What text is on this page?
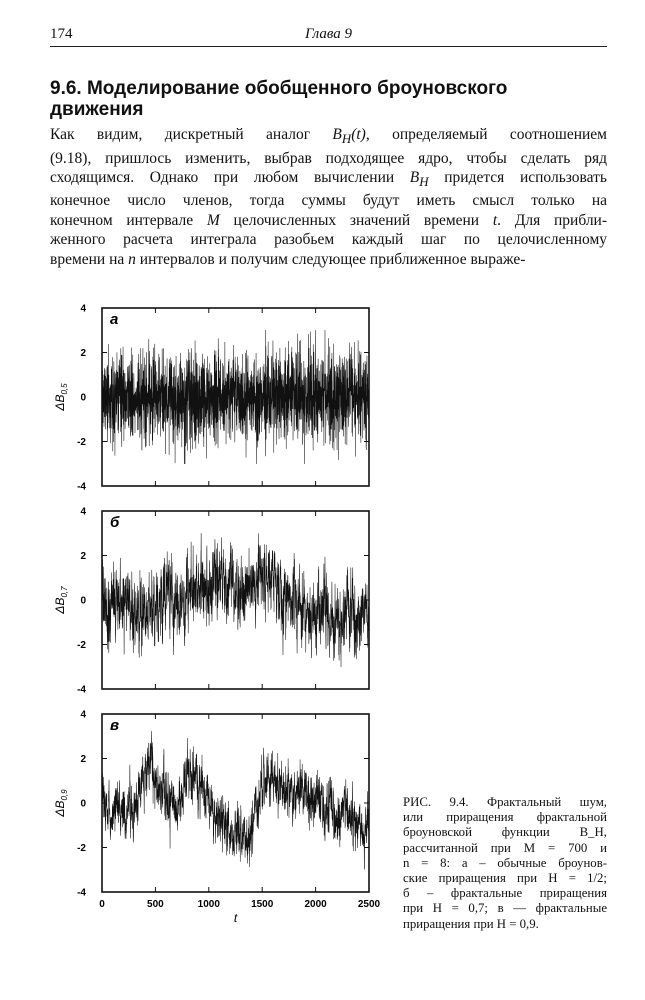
174	Глава 9
9.6. Моделирование обобщенного броуновского
движения
Как видим, дискретный аналог $B_H(t)$, определяемый соотношением
(9.18), пришлось изменить, выбрав подходящее ядро, чтобы сделать ряд
сходящимся. Однако при любом вычислении $B_H$ придется использовать
конечное число членов, тогда суммы будут иметь смысл только на
конечном интервале M целочисленных значений времени t. Для прибли-
женного расчета интеграла разобьем каждый шаг по целочисленному
времени на n интервалов и получим следующее приближенное выраже-
4
2
0
-2
-4
а
$\Delta B_{0,5}$
4
2
0
-2
-4
б
$\Delta B_{0,7}$
4
2
0
-2
-4
в
$\Delta B_{0,9}$
0	500	1000	1500	2000	2500
t
РИС. 9.4. Фрактальный шум,
или приращения фрактальной
броуновской функции B_H,
рассчитанной при M = 700 и
n = 8: а – обычные броунов-
ские приращения при H = 1/2;
б – фрактальные приращения
при H = 0,7; в — фрактальные
приращения при H = 0,9.
